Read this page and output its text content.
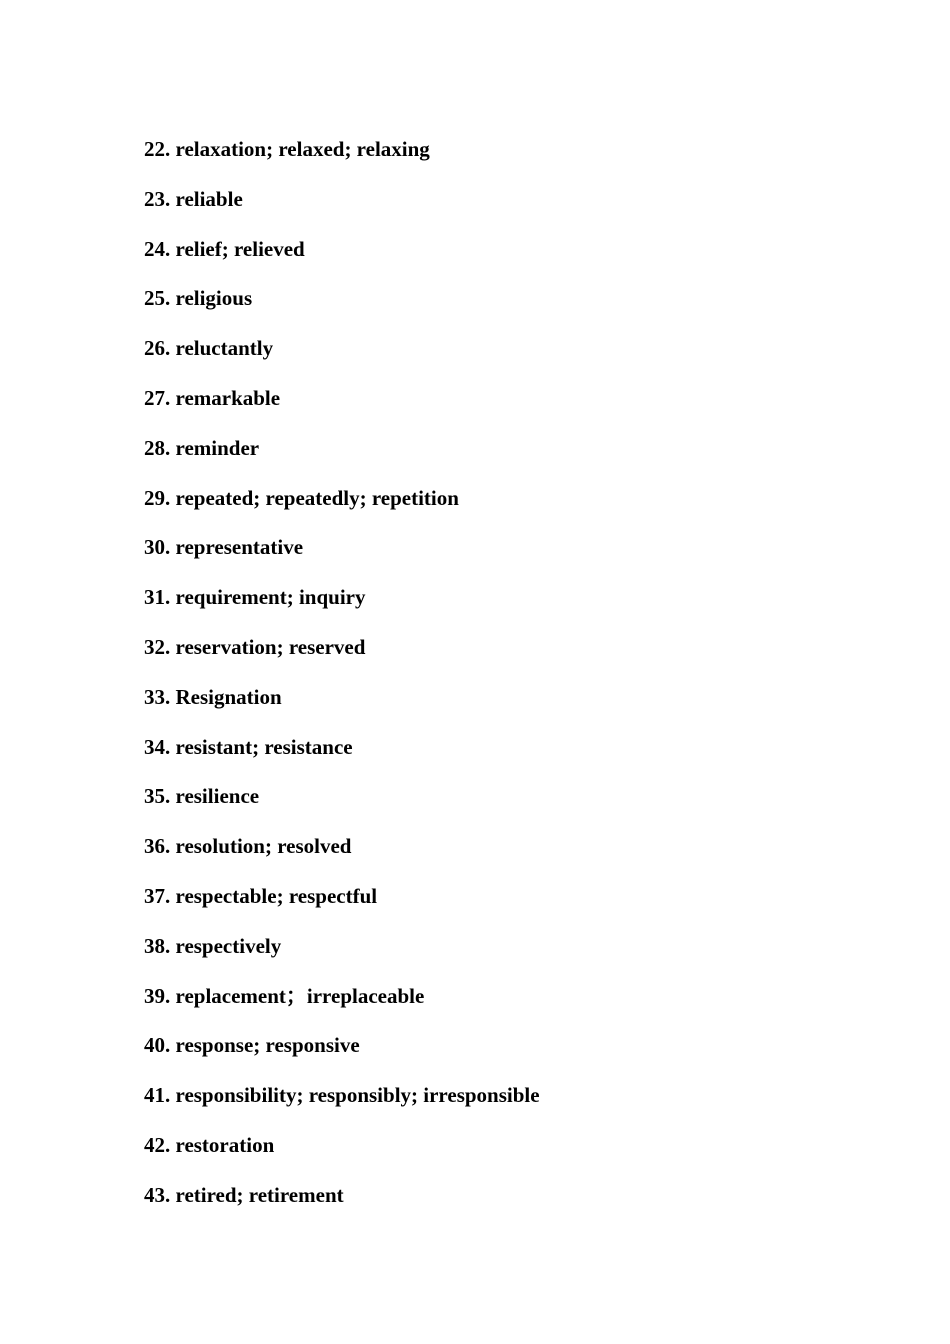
22. relaxation; relaxed; relaxing
23. reliable
24. relief; relieved
25. religious
26. reluctantly
27. remarkable
28. reminder
29. repeated; repeatedly; repetition
30. representative
31. requirement; inquiry
32. reservation; reserved
33. Resignation
34. resistant; resistance
35. resilience
36. resolution; resolved
37. respectable; respectful
38. respectively
39. replacement；irreplaceable
40. response; responsive
41. responsibility; responsibly; irresponsible
42. restoration
43. retired; retirement
